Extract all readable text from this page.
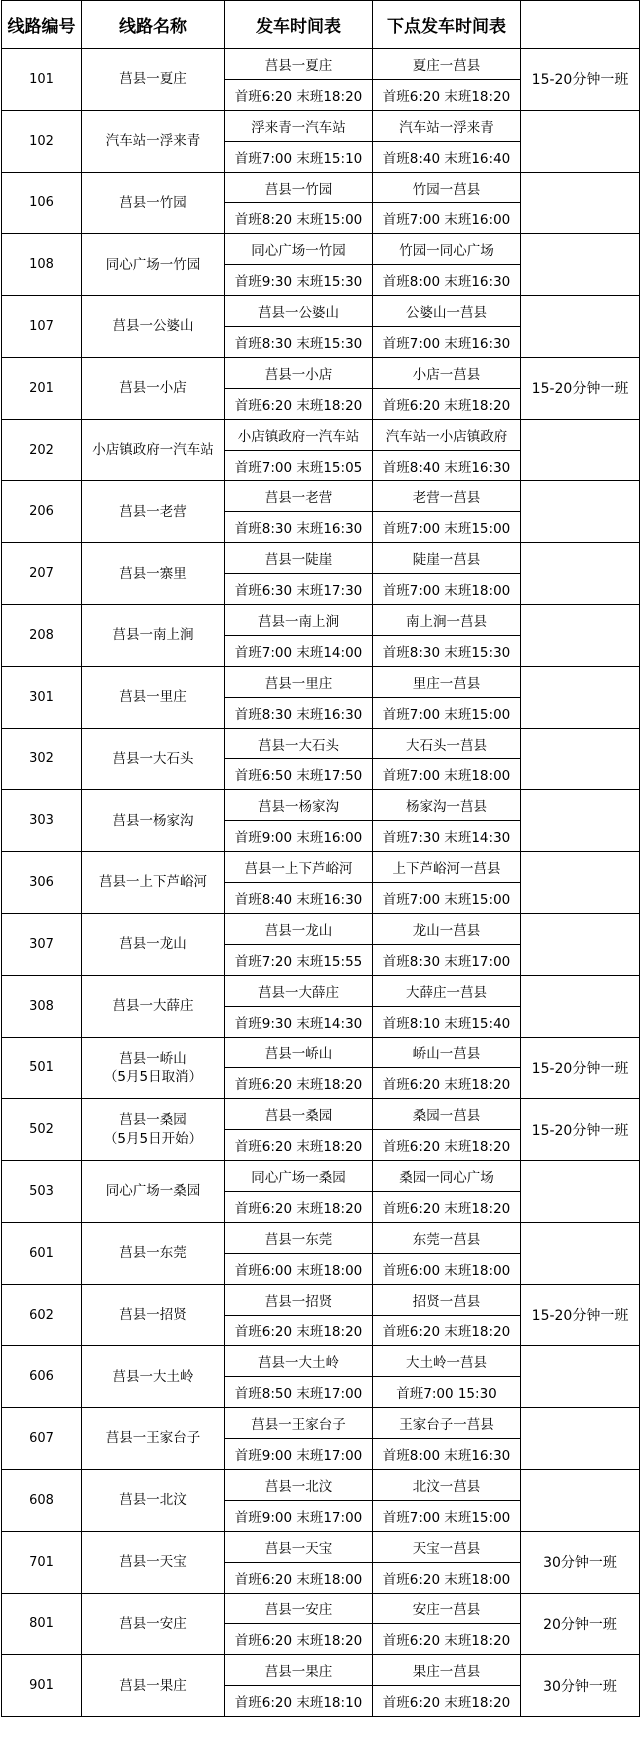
线路编号	线路名称	发车时间表	下点发车时间表	
101	莒县一夏庄	莒县一夏庄	夏庄一莒县	15-20分钟一班
		首班6:20 末班18:20	首班6:20 末班18:20	
102	汽车站一浮来青	浮来青一汽车站	汽车站一浮来青	
		首班7:00 末班15:10	首班8:40 末班16:40	
106	莒县一竹园	莒县一竹园	竹园一莒县	
		首班8:20 末班15:00	首班7:00 末班16:00	
108	同心广场一竹园	同心广场一竹园	竹园一同心广场	
		首班9:30 末班15:30	首班8:00 末班16:30	
107	莒县一公婆山	莒县一公婆山	公婆山一莒县	
		首班8:30 末班15:30	首班7:00 末班16:30	
201	莒县一小店	莒县一小店	小店一莒县	15-20分钟一班
		首班6:20 末班18:20	首班6:20 末班18:20	
202	小店镇政府一汽车站	小店镇政府一汽车站	汽车站一小店镇政府	
		首班7:00 末班15:05	首班8:40 末班16:30	
206	莒县一老营	莒县一老营	老营一莒县	
		首班8:30 末班16:30	首班7:00 末班15:00	
207	莒县一寨里	莒县一陡崖	陡崖一莒县	
		首班6:30 末班17:30	首班7:00 末班18:00	
208	莒县一南上涧	莒县一南上涧	南上涧一莒县	
		首班7:00 末班14:00	首班8:30 末班15:30	
301	莒县一里庄	莒县一里庄	里庄一莒县	
		首班8:30 末班16:30	首班7:00 末班15:00	
302	莒县一大石头	莒县一大石头	大石头一莒县	
		首班6:50 末班17:50	首班7:00 末班18:00	
303	莒县一杨家沟	莒县一杨家沟	杨家沟一莒县	
		首班9:00 末班16:00	首班7:30 末班14:30	
306	莒县一上下芦峪河	莒县一上下芦峪河	上下芦峪河一莒县	
		首班8:40 末班16:30	首班7:00 末班15:00	
307	莒县一龙山	莒县一龙山	龙山一莒县	
		首班7:20 末班15:55	首班8:30 末班17:00	
308	莒县一大薛庄	莒县一大薛庄	大薛庄一莒县	
		首班9:30 末班14:30	首班8:10 末班15:40	
501	莒县一峤山
（5月5日取消）	莒县一峤山	峤山一莒县	15-20分钟一班
		首班6:20 末班18:20	首班6:20 末班18:20	
502	莒县一桑园
（5月5日开始）	莒县一桑园	桑园一莒县	15-20分钟一班
		首班6:20 末班18:20	首班6:20 末班18:20	
503	同心广场一桑园	同心广场一桑园	桑园一同心广场	
		首班6:20 末班18:20	首班6:20 末班18:20	
601	莒县一东莞	莒县一东莞	东莞一莒县	
		首班6:00 末班18:00	首班6:00 末班18:00	
602	莒县一招贤	莒县一招贤	招贤一莒县	15-20分钟一班
		首班6:20 末班18:20	首班6:20 末班18:20	
606	莒县一大土岭	莒县一大土岭	大土岭一莒县	
		首班8:50 末班17:00	首班7:00 15:30	
607	莒县一王家台子	莒县一王家台子	王家台子一莒县	
		首班9:00 末班17:00	首班8:00 末班16:30	
608	莒县一北汶	莒县一北汶	北汶一莒县	
		首班9:00 末班17:00	首班7:00 末班15:00	
701	莒县一天宝	莒县一天宝	天宝一莒县	30分钟一班
		首班6:20 末班18:00	首班6:20 末班18:00	
801	莒县一安庄	莒县一安庄	安庄一莒县	20分钟一班
		首班6:20 末班18:20	首班6:20 末班18:20	
901	莒县一果庄	莒县一果庄	果庄一莒县	30分钟一班
		首班6:20 末班18:10	首班6:20 末班18:20	
